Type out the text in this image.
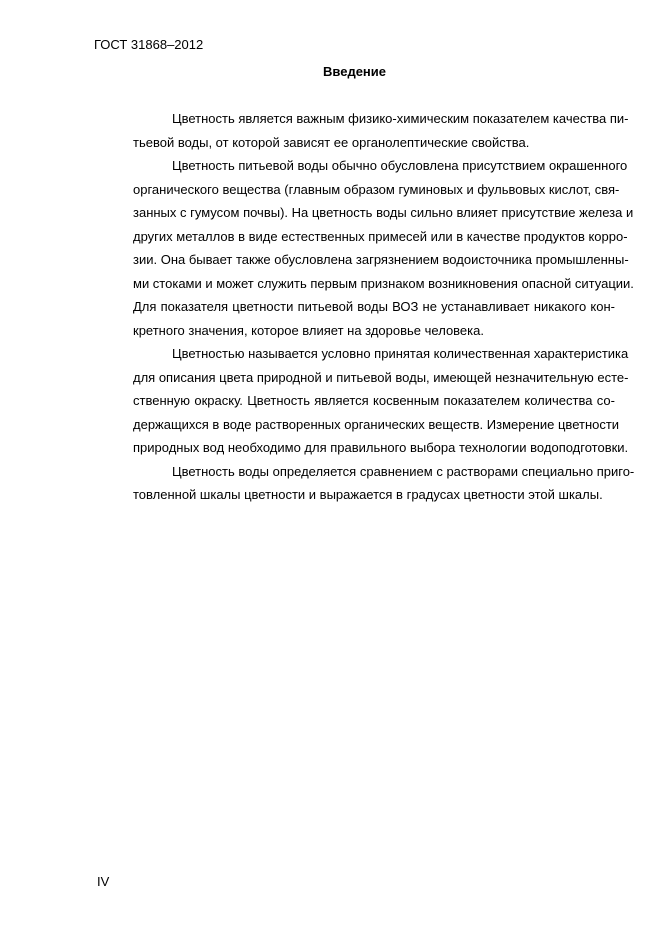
ГОСТ 31868–2012
Введение
Цветность является важным физико-химическим показателем качества пи-
тьевой воды, от которой зависят ее органолептические свойства.
Цветность питьевой воды обычно обусловлена присутствием окрашенного
органического вещества (главным образом гуминовых и фульвовых кислот, свя-
занных с гумусом почвы). На цветность воды сильно влияет присутствие железа и
других металлов в виде естественных примесей или в качестве продуктов корро-
зии. Она бывает также обусловлена загрязнением водоисточника промышленны-
ми стоками и может служить первым признаком возникновения опасной ситуации.
Для показателя цветности питьевой воды ВОЗ не устанавливает никакого кон-
кретного значения, которое влияет на здоровье человека.
Цветностью называется условно принятая количественная характеристика
для описания цвета природной и питьевой воды, имеющей незначительную есте-
ственную окраску. Цветность является косвенным показателем количества со-
держащихся в воде растворенных органических веществ. Измерение цветности
природных вод необходимо для правильного выбора технологии водоподготовки.
Цветность воды определяется сравнением с растворами специально приго-
товленной шкалы цветности и выражается в градусах цветности этой шкалы.
IV
